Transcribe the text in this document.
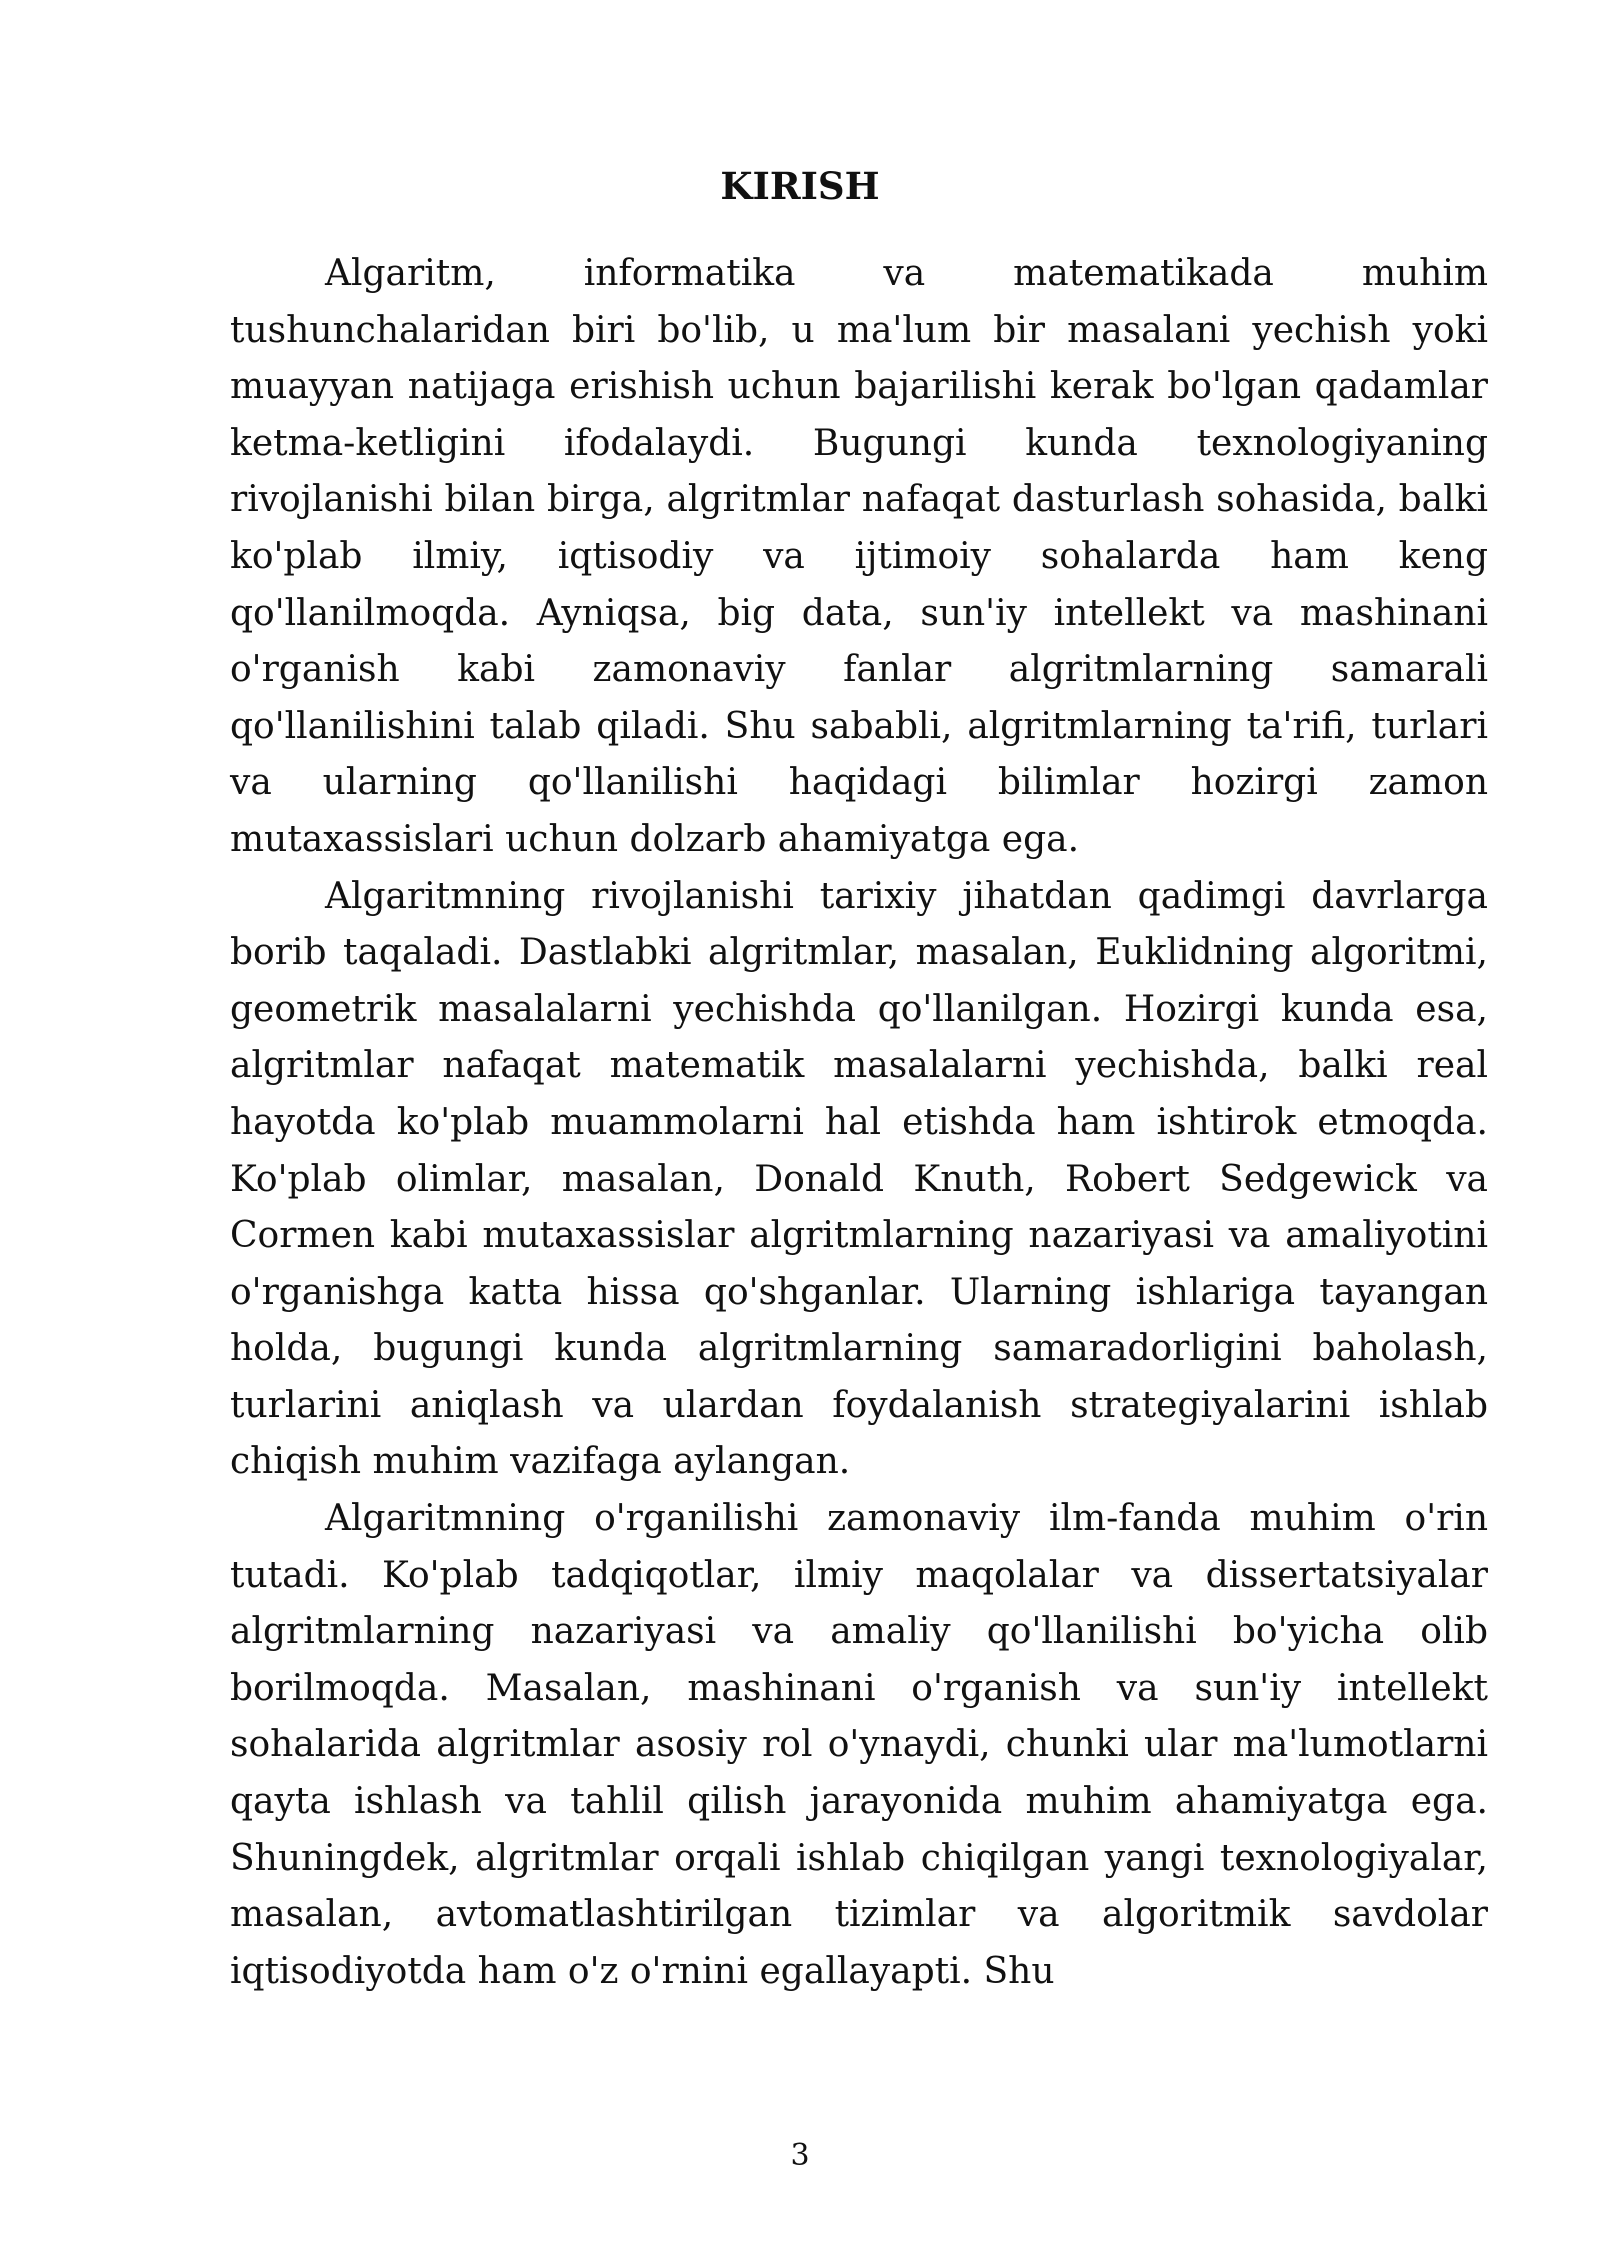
KIRISH

Algaritm, informatika va matematikada muhim tushunchalaridan biri bo'lib, u ma'lum bir masalani yechish yoki muayyan natijaga erishish uchun bajarilishi kerak bo'lgan qadamlar ketma-ketligini ifodalaydi. Bugungi kunda texnologiyaning rivojlanishi bilan birga, algritmlar nafaqat dasturlash sohasida, balki ko'plab ilmiy, iqtisodiy va ijtimoiy sohalarda ham keng qo'llanilmoqda. Ayniqsa, big data, sun'iy intellekt va mashinani o'rganish kabi zamonaviy fanlar algritmlarning samarali qo'llanilishini talab qiladi. Shu sababli, algritmlarning ta'rifi, turlari va ularning qo'llanilishi haqidagi bilimlar hozirgi zamon mutaxassislari uchun dolzarb ahamiyatga ega.

Algaritmning rivojlanishi tarixiy jihatdan qadimgi davrlarga borib taqaladi. Dastlabki algritmlar, masalan, Euklidning algoritmi, geometrik masalalarni yechishda qo'llanilgan. Hozirgi kunda esa, algritmlar nafaqat matematik masalalarni yechishda, balki real hayotda ko'plab muammolarni hal etishda ham ishtirok etmoqda. Ko'plab olimlar, masalan, Donald Knuth, Robert Sedgewick va Cormen kabi mutaxassislar algritmlarning nazariyasi va amaliyotini o'rganishga katta hissa qo'shganlar. Ularning ishlariga tayangan holda, bugungi kunda algritmlarning samaradorligini baholash, turlarini aniqlash va ulardan foydalanish strategiyalarini ishlab chiqish muhim vazifaga aylangan.

Algaritmning o'rganilishi zamonaviy ilm-fanda muhim o'rin tutadi. Ko'plab tadqiqotlar, ilmiy maqolalar va dissertatsiyalar algritmlarning nazariyasi va amaliy qo'llanilishi bo'yicha olib borilmoqda. Masalan, mashinani o'rganish va sun'iy intellekt sohalarida algritmlar asosiy rol o'ynaydi, chunki ular ma'lumotlarni qayta ishlash va tahlil qilish jarayonida muhim ahamiyatga ega. Shuningdek, algritmlar orqali ishlab chiqilgan yangi texnologiyalar, masalan, avtomatlashtirilgan tizimlar va algoritmik savdolar iqtisodiyotda ham o'z o'rnini egallayapti. Shu

3
